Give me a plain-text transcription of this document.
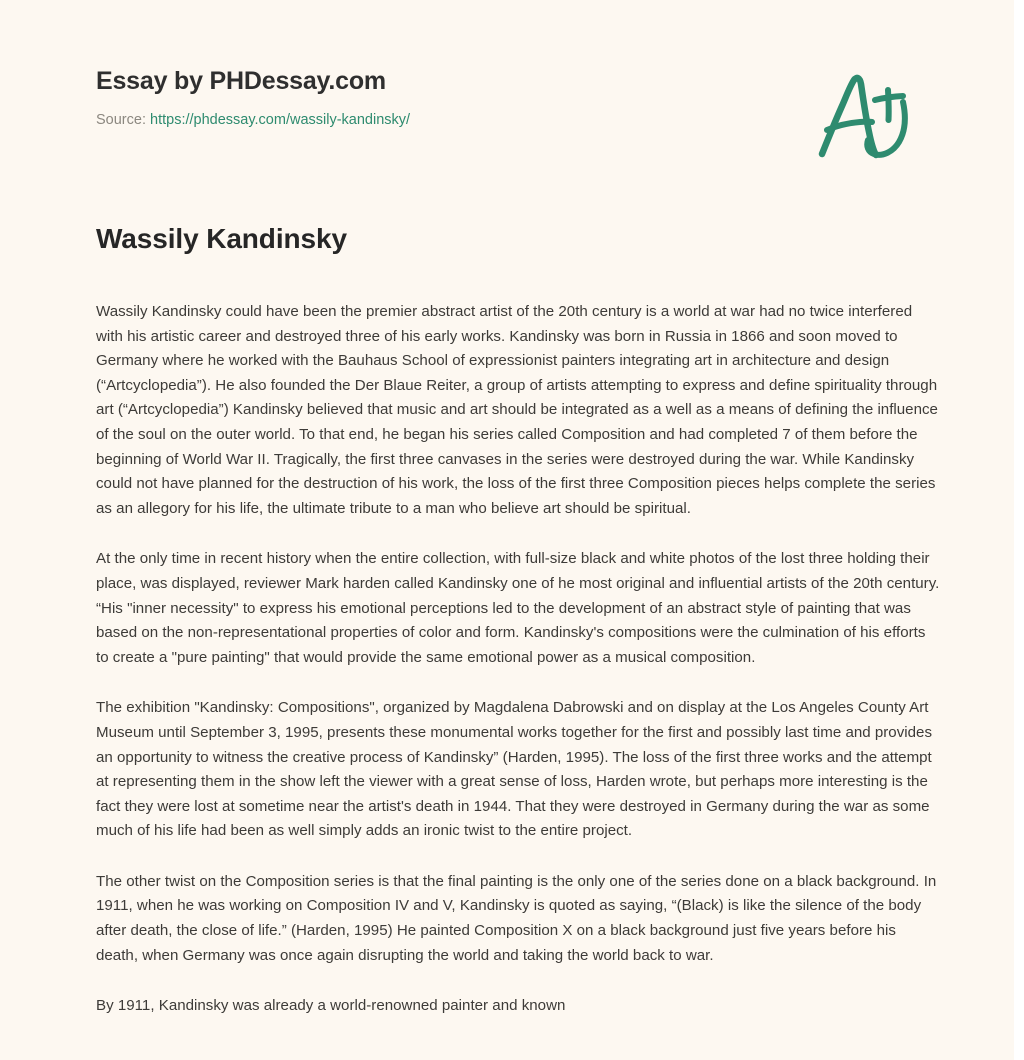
Essay by PHDessay.com
Source: https://phdessay.com/wassily-kandinsky/
Wassily Kandinsky

Wassily Kandinsky could have been the premier abstract artist of the 20th century is a world at war had no twice interfered with his artistic career and destroyed three of his early works. Kandinsky was born in Russia in 1866 and soon moved to Germany where he worked with the Bauhaus School of expressionist painters integrating art in architecture and design (“Artcyclopedia”). He also founded the Der Blaue Reiter, a group of artists attempting to express and define spirituality through art (“Artcyclopedia”) Kandinsky believed that music and art should be integrated as a well as a means of defining the influence of the soul on the outer world. To that end, he began his series called Composition and had completed 7 of them before the beginning of World War II. Tragically, the first three canvases in the series were destroyed during the war. While Kandinsky could not have planned for the destruction of his work, the loss of the first three Composition pieces helps complete the series as an allegory for his life, the ultimate tribute to a man who believe art should be spiritual.

At the only time in recent history when the entire collection, with full-size black and white photos of the lost three holding their place, was displayed, reviewer Mark harden called Kandinsky one of he most original and influential artists of the 20th century. “His "inner necessity" to express his emotional perceptions led to the development of an abstract style of painting that was based on the non-representational properties of color and form. Kandinsky's compositions were the culmination of his efforts to create a "pure painting" that would provide the same emotional power as a musical composition.

The exhibition "Kandinsky: Compositions", organized by Magdalena Dabrowski and on display at the Los Angeles County Art Museum until September 3, 1995, presents these monumental works together for the first and possibly last time and provides an opportunity to witness the creative process of Kandinsky” (Harden, 1995). The loss of the first three works and the attempt at representing them in the show left the viewer with a great sense of loss, Harden wrote, but perhaps more interesting is the fact they were lost at sometime near the artist's death in 1944. That they were destroyed in Germany during the war as some much of his life had been as well simply adds an ironic twist to the entire project.

The other twist on the Composition series is that the final painting is the only one of the series done on a black background. In 1911, when he was working on Composition IV and V, Kandinsky is quoted as saying, “(Black) is like the silence of the body after death, the close of life.” (Harden, 1995) He painted Composition X on a black background just five years before his death, when Germany was once again disrupting the world and taking the world back to war.

By 1911, Kandinsky was already a world-renowned painter and known
